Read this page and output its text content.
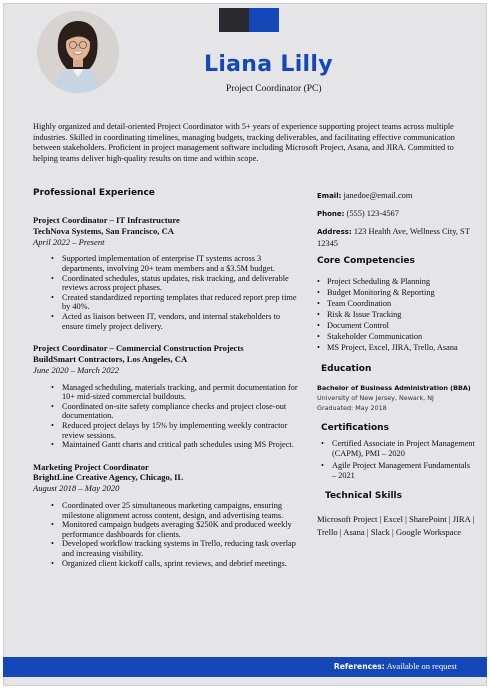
Liana Lilly
Project Coordinator (PC)
Highly organized and detail-oriented Project Coordinator with 5+ years of experience supporting project teams across multiple industries. Skilled in coordinating timelines, managing budgets, tracking deliverables, and facilitating effective communication between stakeholders. Proficient in project management software including Microsoft Project, Asana, and JIRA. Committed to helping teams deliver high-quality results on time and within scope.
Professional Experience
Project Coordinator – IT Infrastructure
TechNova Systems, San Francisco, CA
April 2022 – Present
• Supported implementation of enterprise IT systems across 3 departments, involving 20+ team members and a $3.5M budget.
• Coordinated schedules, status updates, risk tracking, and deliverable reviews across project phases.
• Created standardized reporting templates that reduced report prep time by 40%.
• Acted as liaison between IT, vendors, and internal stakeholders to ensure timely project delivery.
Project Coordinator – Commercial Construction Projects
BuildSmart Contractors, Los Angeles, CA
June 2020 – March 2022
• Managed scheduling, materials tracking, and permit documentation for 10+ mid-sized commercial buildouts.
• Coordinated on-site safety compliance checks and project close-out documentation.
• Reduced project delays by 15% by implementing weekly contractor review sessions.
• Maintained Gantt charts and critical path schedules using MS Project.
Marketing Project Coordinator
BrightLine Creative Agency, Chicago, IL
August 2018 – May 2020
• Coordinated over 25 simultaneous marketing campaigns, ensuring milestone alignment across content, design, and advertising teams.
• Monitored campaign budgets averaging $250K and produced weekly performance dashboards for clients.
• Developed workflow tracking systems in Trello, reducing task overlap and increasing visibility.
• Organized client kickoff calls, sprint reviews, and debrief meetings.
Email: janedoe@email.com
Phone: (555) 123-4567
Address: 123 Health Ave, Wellness City, ST 12345
Core Competencies
• Project Scheduling & Planning
• Budget Monitoring & Reporting
• Team Coordination
• Risk & Issue Tracking
• Document Control
• Stakeholder Communication
• MS Project, Excel, JIRA, Trello, Asana
Education
Bachelor of Business Administration (BBA)
University of New Jersey, Newark, NJ
Graduated: May 2018
Certifications
• Certified Associate in Project Management (CAPM), PMI – 2020
• Agile Project Management Fundamentals – 2021
Technical Skills
Microsoft Project | Excel | SharePoint | JIRA | Trello | Asana | Slack | Google Workspace
References: Available on request
